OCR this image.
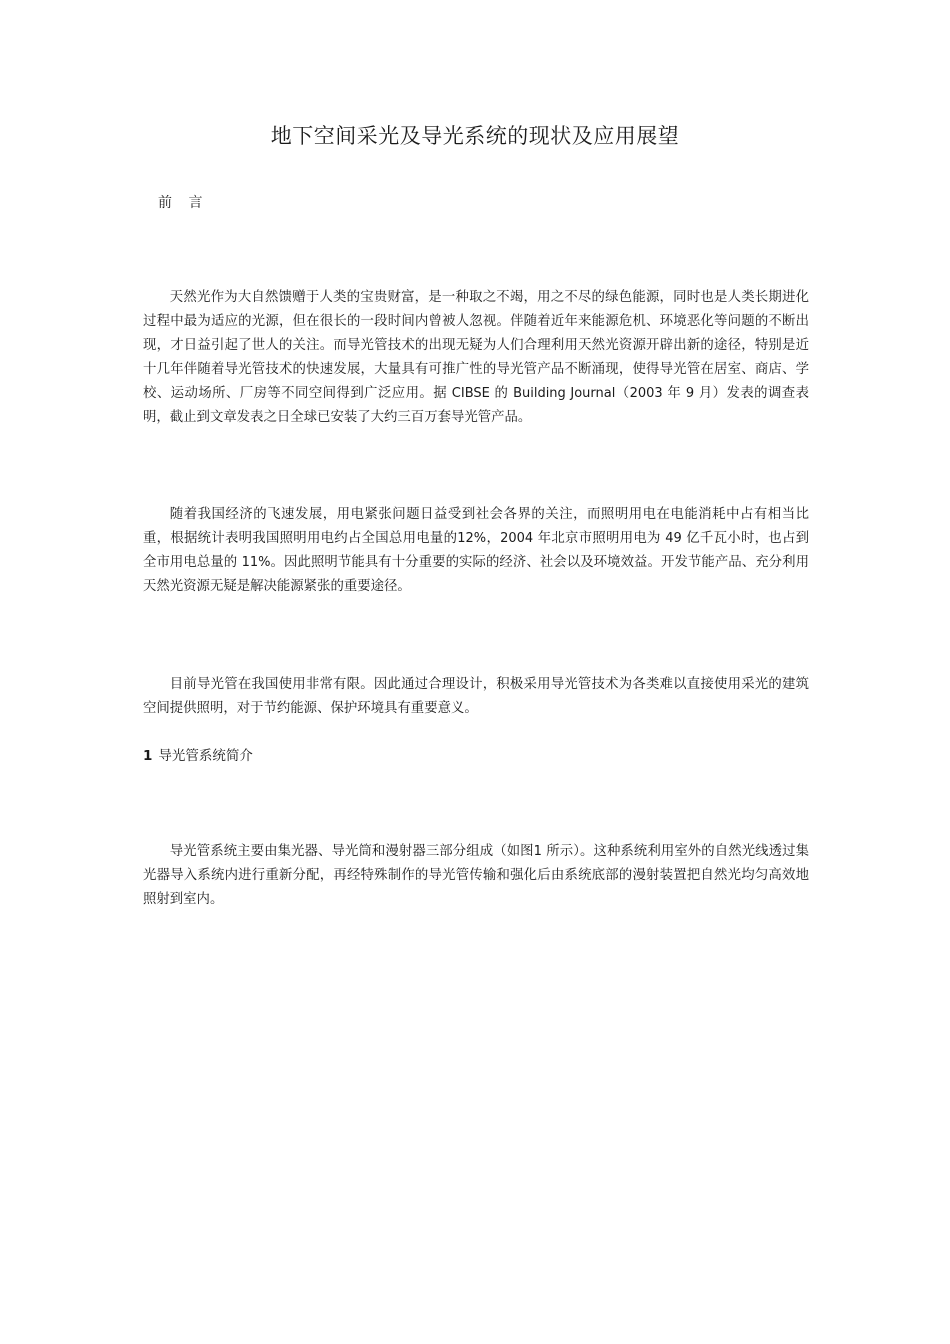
地下空间采光及导光系统的现状及应用展望
前 言

天然光作为大自然馈赠于人类的宝贵财富，是一种取之不竭，用之不尽的绿色能源，同时也是人类长期进化过程中最为适应的光源，但在很长的一段时间内曾被人忽视。伴随着近年来能源危机、环境恶化等问题的不断出现，才日益引起了世人的关注。而导光管技术的出现无疑为人们合理利用天然光资源开辟出新的途径，特别是近十几年伴随着导光管技术的快速发展，大量具有可推广性的导光管产品不断涌现，使得导光管在居室、商店、学校、运动场所、厂房等不同空间得到广泛应用。据 CIBSE 的 Building Journal（2003 年 9 月）发表的调查表明，截止到文章发表之日全球已安装了大约三百万套导光管产品。

随着我国经济的飞速发展，用电紧张问题日益受到社会各界的关注，而照明用电在电能消耗中占有相当比重，根据统计表明我国照明用电约占全国总用电量的12%，2004 年北京市照明用电为 49 亿千瓦小时，也占到全市用电总量的 11%。因此照明节能具有十分重要的实际的经济、社会以及环境效益。开发节能产品、充分利用天然光资源无疑是解决能源紧张的重要途径。

目前导光管在我国使用非常有限。因此通过合理设计，积极采用导光管技术为各类难以直接使用采光的建筑空间提供照明，对于节约能源、保护环境具有重要意义。

1 导光管系统简介

导光管系统主要由集光器、导光筒和漫射器三部分组成（如图1 所示）。这种系统利用室外的自然光线透过集光器导入系统内进行重新分配，再经特殊制作的导光管传输和强化后由系统底部的漫射装置把自然光均匀高效地照射到室内。
